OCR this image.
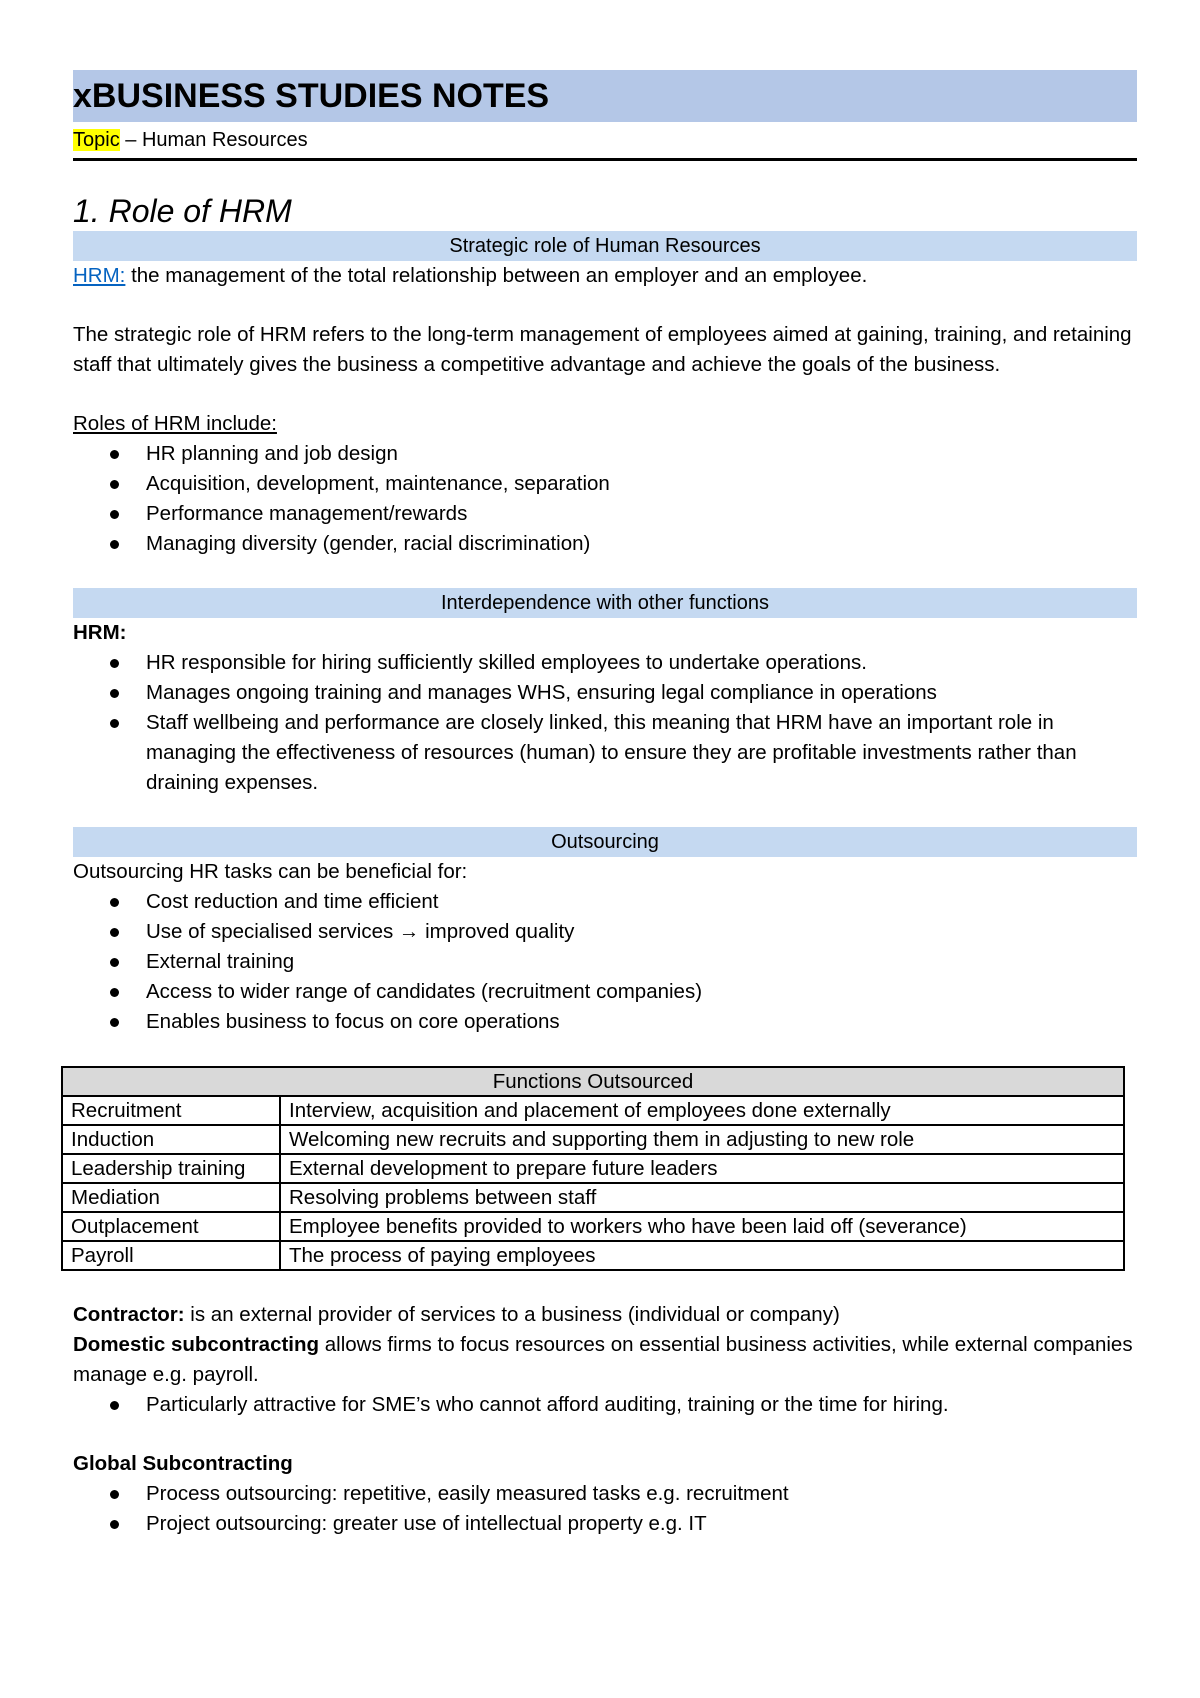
xBUSINESS STUDIES NOTES
Topic – Human Resources
1. Role of HRM
Strategic role of Human Resources

HRM: the management of the total relationship between an employer and an employee.

The strategic role of HRM refers to the long-term management of employees aimed at gaining, training, and retaining staff that ultimately gives the business a competitive advantage and achieve the goals of the business.

Roles of HRM include:

HR planning and job design
Acquisition, development, maintenance, separation
Performance management/rewards
Managing diversity (gender, racial discrimination)
Interdependence with other functions

HRM:

HR responsible for hiring sufficiently skilled employees to undertake operations.
Manages ongoing training and manages WHS, ensuring legal compliance in operations
Staff wellbeing and performance are closely linked, this meaning that HRM have an important role in managing the effectiveness of resources (human) to ensure they are profitable investments rather than draining expenses.
Outsourcing

Outsourcing HR tasks can be beneficial for:

Cost reduction and time efficient
Use of specialised services → improved quality
External training
Access to wider range of candidates (recruitment companies)
Enables business to focus on core operations
Functions Outsourced	
Recruitment	Interview, acquisition and placement of employees done externally
Induction	Welcoming new recruits and supporting them in adjusting to new role
Leadership training	External development to prepare future leaders
Mediation	Resolving problems between staff
Outplacement	Employee benefits provided to workers who have been laid off (severance)
Payroll	The process of paying employees

Contractor: is an external provider of services to a business (individual or company)

Domestic subcontracting allows firms to focus resources on essential business activities, while external companies manage e.g. payroll.

Particularly attractive for SME’s who cannot afford auditing, training or the time for hiring.

Global Subcontracting

Process outsourcing: repetitive, easily measured tasks e.g. recruitment
Project outsourcing: greater use of intellectual property e.g. IT
